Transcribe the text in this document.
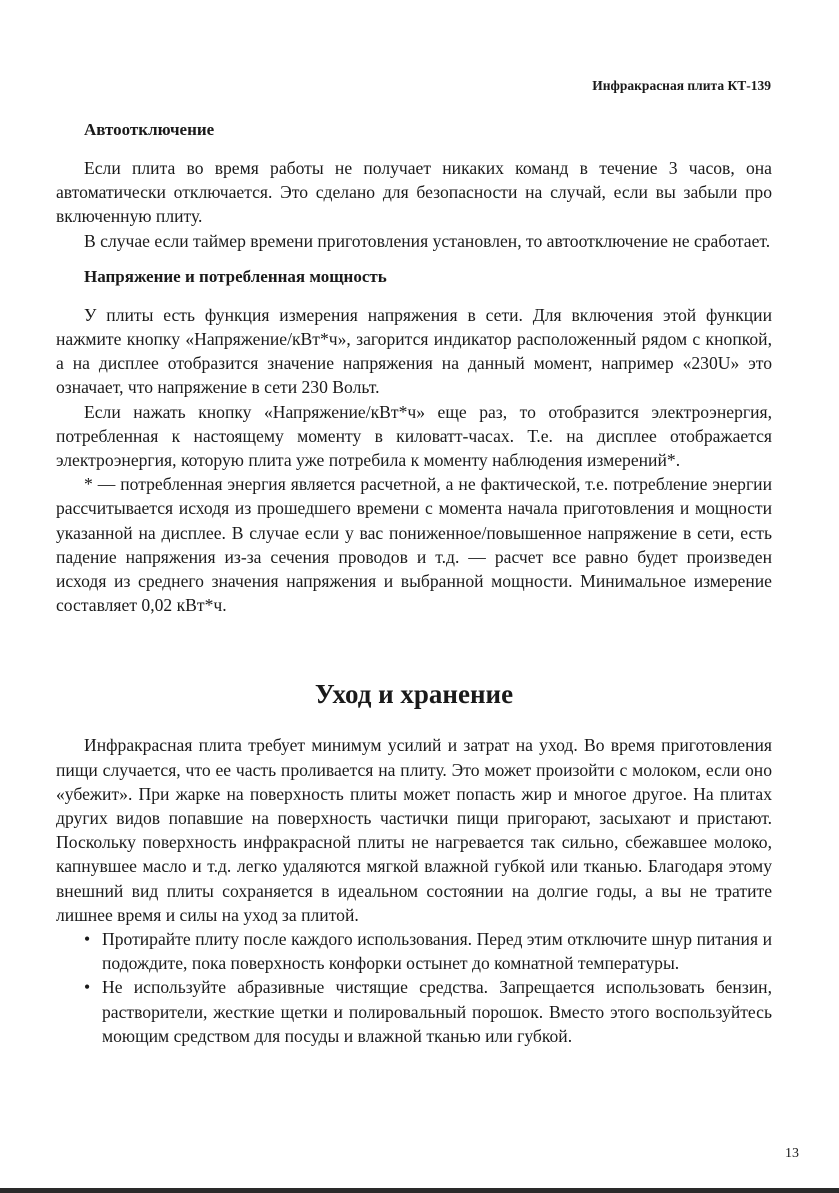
Инфракрасная плита КТ-139
Автоотключение

Если плита во время работы не получает никаких команд в течение 3 часов, она автоматически отключается. Это сделано для безопасности на случай, если вы забыли про включенную плиту.

В случае если таймер времени приготовления установлен, то автоотключение не сработает.

Напряжение и потребленная мощность

У плиты есть функция измерения напряжения в сети. Для включения этой функции нажмите кнопку «Напряжение/кВт*ч», загорится индикатор расположенный рядом с кнопкой, а на дисплее отобразится значение напряжения на данный момент, например «230U» это означает, что напряжение в сети 230 Вольт.

Если нажать кнопку «Напряжение/кВт*ч» еще раз, то отобразится электроэнергия, потребленная к настоящему моменту в киловатт-часах. Т.е. на дисплее отображается электроэнергия, которую плита уже потребила к моменту наблюдения измерений*.

* — потребленная энергия является расчетной, а не фактической, т.е. потребление энергии рассчитывается исходя из прошедшего времени с момента начала приготовления и мощности указанной на дисплее. В случае если у вас пониженное/повышенное напряжение в сети, есть падение напряжения из-за сечения проводов и т.д. — расчет все равно будет произведен исходя из среднего значения напряжения и выбранной мощности. Минимальное измерение составляет 0,02 кВт*ч.

Уход и хранение

Инфракрасная плита требует минимум усилий и затрат на уход. Во время приготовления пищи случается, что ее часть проливается на плиту. Это может произойти с молоком, если оно «убежит». При жарке на поверхность плиты может попасть жир и многое другое. На плитах других видов попавшие на поверхность частички пищи пригорают, засыхают и пристают. Поскольку поверхность инфракрасной плиты не нагревается так сильно, сбежавшее молоко, капнувшее масло и т.д. легко удаляются мягкой влажной губкой или тканью. Благодаря этому внешний вид плиты сохраняется в идеальном состоянии на долгие годы, а вы не тратите лишнее время и силы на уход за плитой.

• Протирайте плиту после каждого использования. Перед этим отключите шнур питания и подождите, пока поверхность конфорки остынет до комнатной температуры.
• Не используйте абразивные чистящие средства. Запрещается использовать бензин, растворители, жесткие щетки и полировальный порошок. Вместо этого воспользуйтесь моющим средством для посуды и влажной тканью или губкой.
13
